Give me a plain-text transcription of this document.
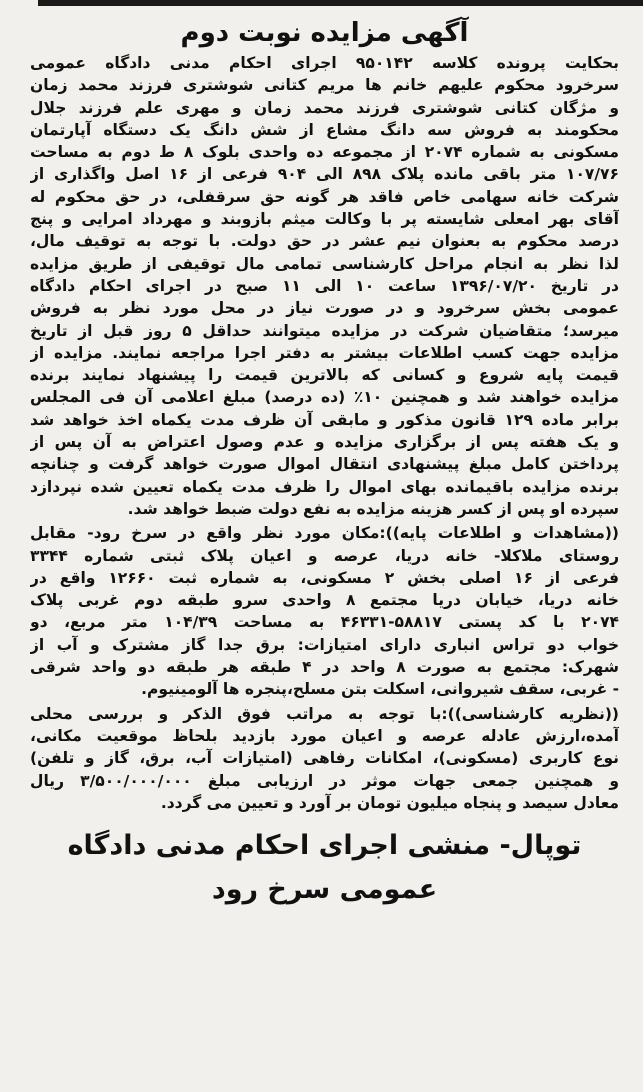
آگهی مزایده نوبت دوم
بحکایت پرونده کلاسه ۹۵۰۱۴۲ اجرای احکام مدنی دادگاه عمومی
سرخرود محکوم علیهم خانم ها مریم کتانی شوشتری فرزند محمد زمان
و مژگان کتانی شوشتری فرزند محمد زمان و مهری علم فرزند جلال
محکومند به فروش سه دانگ مشاع از شش دانگ یک دستگاه آپارتمان
مسکونی به شماره ۲۰۷۴ از مجموعه ده واحدی بلوک ۸ ط دوم به مساحت
۱۰۷/۷۶ متر باقی مانده پلاک ۸۹۸ الی ۹۰۴ فرعی از ۱۶ اصل واگذاری از
شرکت خانه سهامی خاص فاقد هر گونه حق سرقفلی، در حق محکوم له
آقای بهر امعلی شایسته پر با وکالت میثم بازوبند و مهرداد امرایی و پنج
درصد محکوم به بعنوان نیم عشر در حق دولت. با توجه به توقیف مال،
لذا نظر به انجام مراحل کارشناسی تمامی مال توقیفی از طریق مزایده
در تاریخ ۱۳۹۶/۰۷/۲۰ ساعت ۱۰ الی ۱۱ صبح در اجرای احکام دادگاه
عمومی بخش سرخرود و در صورت نیاز در محل مورد نظر به فروش
میرسد؛ متقاضیان شرکت در مزایده میتوانند حداقل ۵ روز قبل از تاریخ
مزایده جهت کسب اطلاعات بیشتر به دفتر اجرا مراجعه نمایند. مزایده از
قیمت پایه شروع و کسانی که بالاترین قیمت را پیشنهاد نمایند برنده
مزایده خواهند شد و همچنین ۱۰٪ (ده درصد) مبلغ اعلامی آن فی المجلس
برابر ماده ۱۲۹ قانون مذکور و مابقی آن ظرف مدت یکماه اخذ خواهد شد
و یک هفته پس از برگزاری مزایده و عدم وصول اعتراض به آن پس از
پرداختن کامل مبلغ پیشنهادی انتقال اموال صورت خواهد گرفت و چنانچه
برنده مزایده باقیمانده بهای اموال را ظرف مدت یکماه تعیین شده نپردازد
سپرده او پس از کسر هزینه مزایده به نفع دولت ضبط خواهد شد.
((مشاهدات و اطلاعات پایه)):مکان مورد نظر واقع در سرخ رود- مقابل
روستای ملاکلا- خانه دریا، عرصه و اعیان پلاک ثبتی شماره ۳۳۴۴
فرعی از ۱۶ اصلی بخش ۲ مسکونی، به شماره ثبت ۱۲۶۶۰ واقع در
خانه دریا، خیابان دریا مجتمع ۸ واحدی سرو طبقه دوم غربی پلاک
۲۰۷۴ با کد پستی ۵۸۸۱۷-۴۶۳۳۱ به مساحت ۱۰۴/۳۹ متر مربع، دو
خواب دو تراس انباری دارای امتیازات: برق جدا گاز مشترک و آب از
شهرک: مجتمع به صورت ۸ واحد در ۴ طبقه هر طبقه دو واحد شرقی
- غربی، سقف شیروانی، اسکلت بتن مسلح،پنجره ها آلومینیوم.
((نظریه کارشناسی)):با توجه به مراتب فوق الذکر و بررسی محلی
آمده،ارزش عادله عرصه و اعیان مورد بازدید بلحاظ موقعیت مکانی،
نوع کاربری (مسکونی)، امکانات رفاهی (امتیازات آب، برق، گاز و تلفن)
و همچنین جمعی جهات موثر در ارزیابی مبلغ ۳/۵۰۰/۰۰۰/۰۰۰ ریال
معادل سیصد و پنجاه میلیون تومان بر آورد و تعیین می گردد.
توپال- منشی اجرای احکام مدنی دادگاه
عمومی سرخ رود
